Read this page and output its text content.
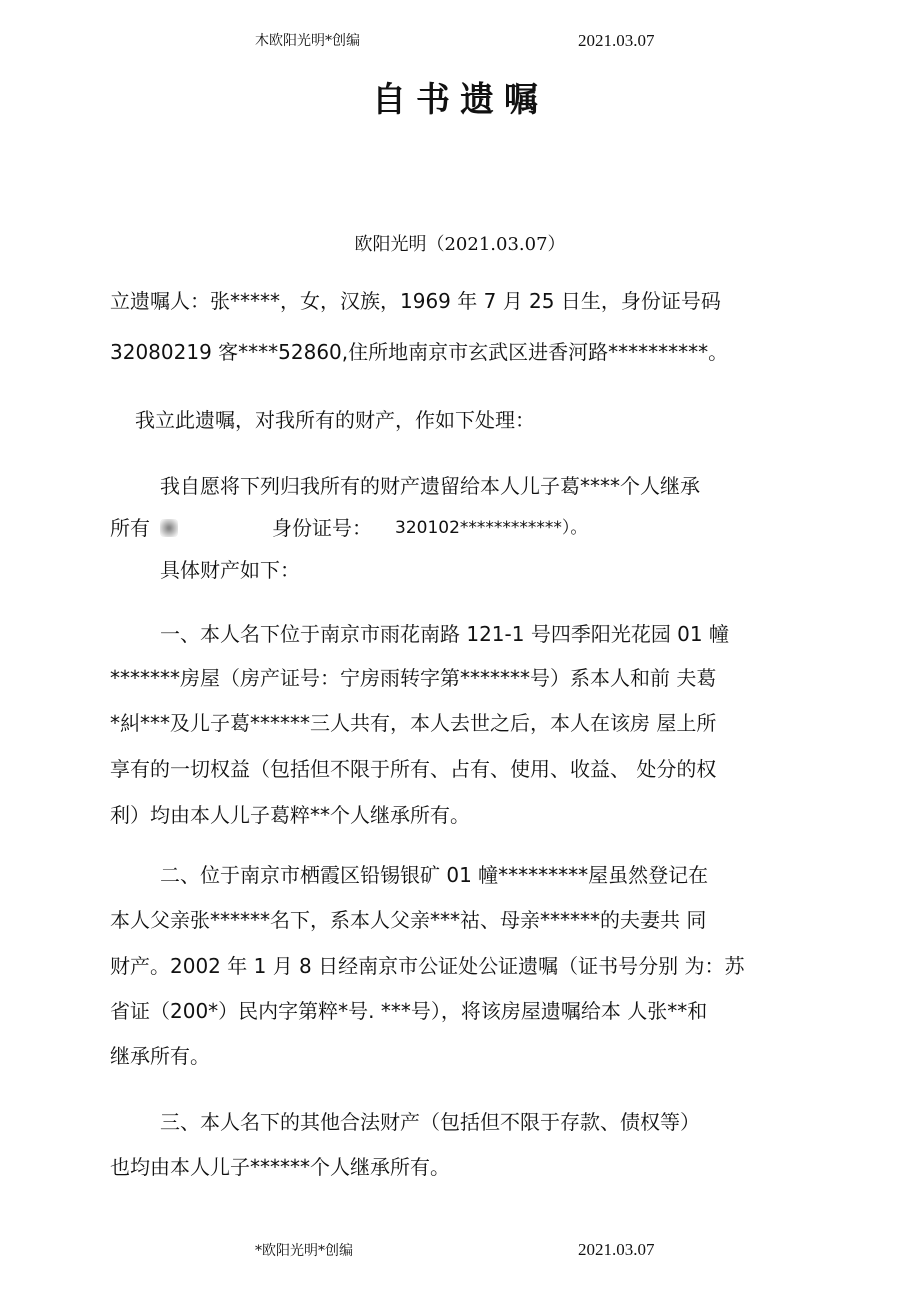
木欧阳光明*创编	2021.03.07
自书遗嘱
欧阳光明（2021.03.07）
立遗嘱人：张*****，女，汉族，1969 年 7 月 25 日生，身份证号码
32080219 客****52860,住所地南京市玄武区进香河路**********。
我立此遗嘱，对我所有的财产，作如下处理：
我自愿将下列归我所有的财产遗留给本人儿子葛****个人继承
所有	身份证号： 320102************）。
具体财产如下：
一、本人名下位于南京市雨花南路 121-1 号四季阳光花园 01 幢
*******房屋（房产证号：宁房雨转字第*******号）系本人和前 夫葛
*糾***及儿子葛******三人共有，本人去世之后，本人在该房 屋上所
享有的一切权益（包括但不限于所有、占有、使用、收益、 处分的权
利）均由本人儿子葛粹**个人继承所有。
二、位于南京市栖霞区铅锡银矿 01 幢*********屋虽然登记在
本人父亲张******名下，系本人父亲***祜、母亲******的夫妻共 同
财产。2002 年 1 月 8 日经南京市公证处公证遗嘱（证书号分别 为：苏
省证（200*）民内字第粹*号. ***号），将该房屋遗嘱给本 人张**和
继承所有。
三、本人名下的其他合法财产（包括但不限于存款、债权等）
也均由本人儿子******个人继承所有。
*欧阳光明*创编	2021.03.07
